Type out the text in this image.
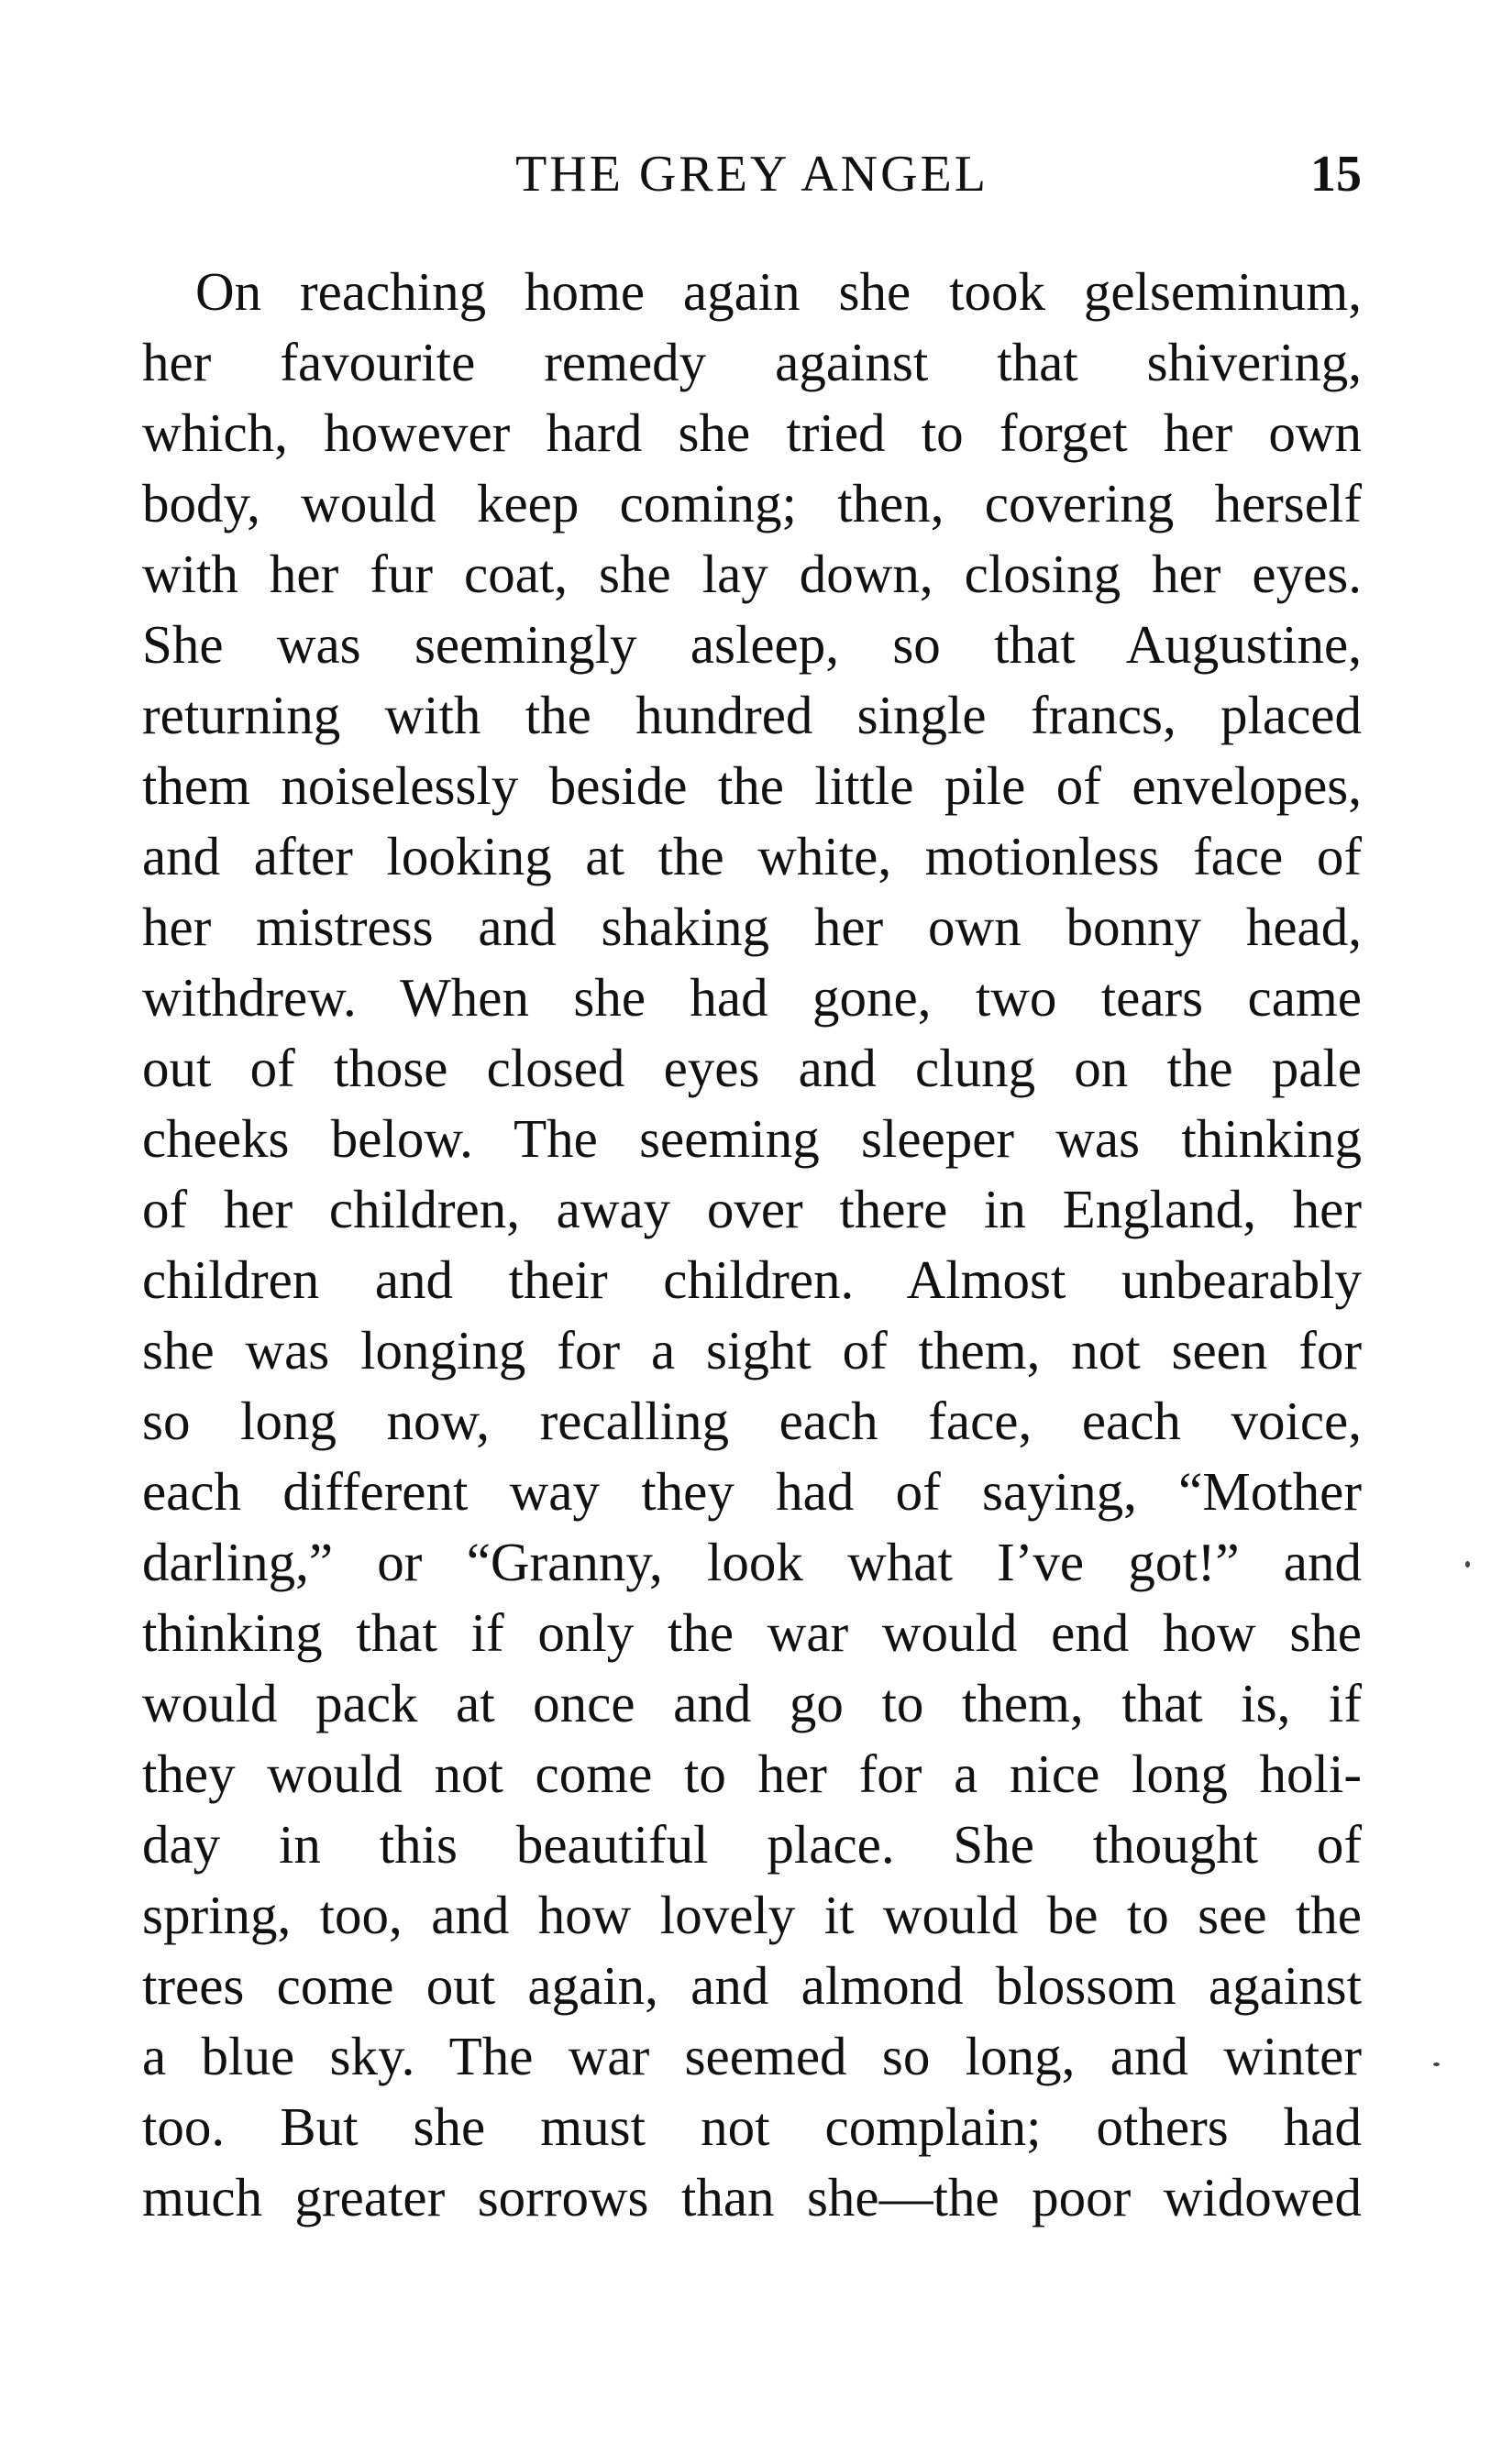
THE GREY ANGEL	15
On reaching home again she took gelseminum,
her favourite remedy against that shivering,
which, however hard she tried to forget her own
body, would keep coming; then, covering herself
with her fur coat, she lay down, closing her eyes.
She was seemingly asleep, so that Augustine,
returning with the hundred single francs, placed
them noiselessly beside the little pile of envelopes,
and after looking at the white, motionless face of
her mistress and shaking her own bonny head,
withdrew. When she had gone, two tears came
out of those closed eyes and clung on the pale
cheeks below. The seeming sleeper was thinking
of her children, away over there in England, her
children and their children. Almost unbearably
she was longing for a sight of them, not seen for
so long now, recalling each face, each voice,
each different way they had of saying, “Mother
darling,” or “Granny, look what I’ve got!” and
thinking that if only the war would end how she
would pack at once and go to them, that is, if
they would not come to her for a nice long holi-
day in this beautiful place. She thought of
spring, too, and how lovely it would be to see the
trees come out again, and almond blossom against
a blue sky. The war seemed so long, and winter
too. But she must not complain; others had
much greater sorrows than she—the poor widowed
